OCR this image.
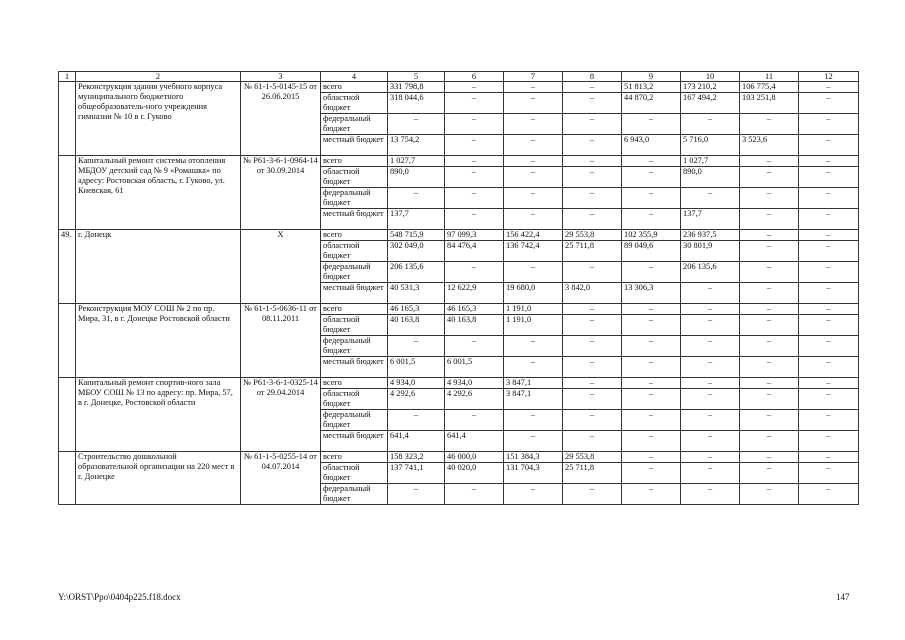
1	2	3	4	5	6	7	8	9	10	11	12
	Реконструкция здания учебного корпуса муниципального бюджетного общеобразователь-ного учреждения гимназии № 10 в г. Гуково	№ 61-1-5-0145-15 от 26.06.2015	всего	331 798,8	–	–	–	51 813,2	173 210,2	106 775,4	–
			областной бюджет	318 044,6	–	–	–	44 870,2	167 494,2	103 251,8	–
			федеральный бюджет	–	–	–	–	–	–	–	–
			местный бюджет	13 754,2	–	–	–	6 943,0	5 716,0	3 523,6	–
	Капитальный ремонт системы отопления МБДОУ детский сад № 9 «Ромашка» по адресу: Ростовская область, г. Гуково, ул. Киевская, 61	№ Р61-3-6-1-0964-14 от 30.09.2014	всего	1 027,7	–	–	–	–	1 027,7	–	–
			областной бюджет	890,0	–	–	–	–	890,0	–	–
			федеральный бюджет	–	–	–	–	–	–	–	–
			местный бюджет	137,7	–	–	–	–	137,7	–	–
49.	г. Донецк	Х	всего	548 715,9	97 099,3	156 422,4	29 553,8	102 355,9	236 937,5	–	–
			областной бюджет	302 049,0	84 476,4	136 742,4	25 711,8	89 049,6	30 801,9	–	–
			федеральный бюджет	206 135,6	–	–	–	–	206 135,6	–	–
			местный бюджет	40 531,3	12 622,9	19 680,0	3 842,0	13 306,3	–	–	–
	Реконструкция МОУ СОШ № 2 по пр. Мира, 31, в г. Донецке Ростовской области	№ 61-1-5-0636-11 от 08.11.2011	всего	46 165,3	46 165,3	1 191,0	–	–	–	–	–
			областной бюджет	40 163,8	40 163,8	1 191,0	–	–	–	–	–
			федеральный бюджет	–	–	–	–	–	–	–	–
			местный бюджет	6 001,5	6 001,5	–	–	–	–	–	–
	Капитальный ремонт спортив-ного зала МБОУ СОШ № 13 по адресу: пр. Мира, 57, в г. Донецке, Ростовской области	№ Р61-3-6-1-0325-14 от 29.04.2014	всего	4 934,0	4 934,0	3 847,1	–	–	–	–	–
			областной бюджет	4 292,6	4 292,6	3 847,1	–	–	–	–	–
			федеральный бюджет	–	–	–	–	–	–	–	–
			местный бюджет	641,4	641,4	–	–	–	–	–	–
	Строительство дошкольной образовательной организации на 220 мест в г. Донецке	№ 61-1-5-0255-14 от 04.07.2014	всего	158 323,2	46 000,0	151 384,3	29 553,8	–	–	–	–
			областной бюджет	137 741,1	40 020,0	131 704,3	25 711,8	–	–	–	–
			федеральный бюджет	–	–	–	–	–	–	–	–
Y:\ORST\Ppo\0404p225.f18.docx	147
